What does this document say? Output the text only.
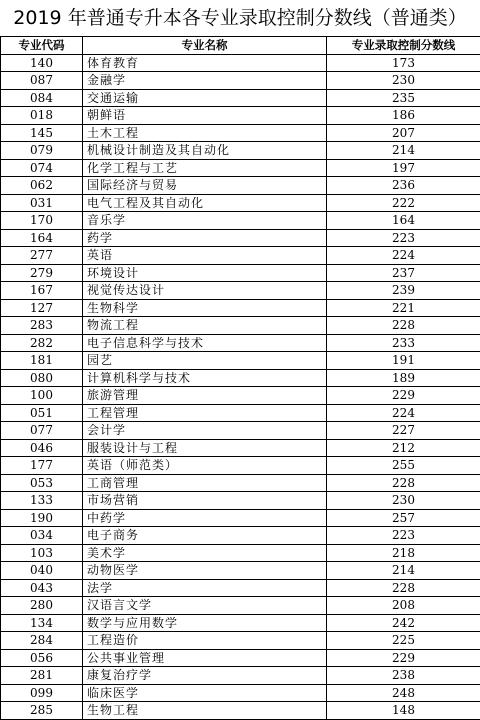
2019 年普通专升本各专业录取控制分数线（普通类）
专业代码	专业名称	专业录取控制分数线
140	体育教育	173
087	金融学	230
084	交通运输	235
018	朝鲜语	186
145	土木工程	207
079	机械设计制造及其自动化	214
074	化学工程与工艺	197
062	国际经济与贸易	236
031	电气工程及其自动化	222
170	音乐学	164
164	药学	223
277	英语	224
279	环境设计	237
167	视觉传达设计	239
127	生物科学	221
283	物流工程	228
282	电子信息科学与技术	233
181	园艺	191
080	计算机科学与技术	189
100	旅游管理	229
051	工程管理	224
077	会计学	227
046	服装设计与工程	212
177	英语（师范类）	255
053	工商管理	228
133	市场营销	230
190	中药学	257
034	电子商务	223
103	美术学	218
040	动物医学	214
043	法学	228
280	汉语言文学	208
134	数学与应用数学	242
284	工程造价	225
056	公共事业管理	229
281	康复治疗学	238
099	临床医学	248
285	生物工程	148
